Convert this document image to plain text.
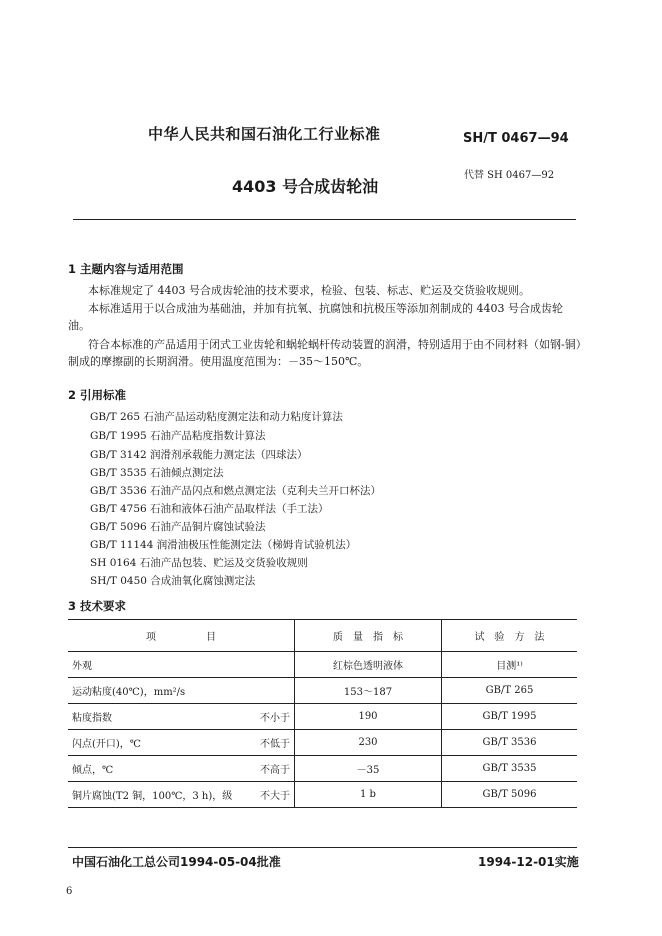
中华人民共和国石油化工行业标准	SH/T 0467—94
4403 号合成齿轮油
代替 SH 0467—92
1 主题内容与适用范围
本标准规定了 4403 号合成齿轮油的技术要求，检验、包装、标志、贮运及交货验收规则。
本标准适用于以合成油为基础油，并加有抗氧、抗腐蚀和抗极压等添加剂制成的 4403 号合成齿轮油。
符合本标准的产品适用于闭式工业齿轮和蜗轮蜗杆传动装置的润滑，特别适用于由不同材料（如钢-铜）制成的摩擦副的长期润滑。使用温度范围为：－35～150℃。
2 引用标准
GB/T 265 石油产品运动粘度测定法和动力粘度计算法
GB/T 1995 石油产品粘度指数计算法
GB/T 3142 润滑剂承载能力测定法（四球法）
GB/T 3535 石油倾点测定法
GB/T 3536 石油产品闪点和燃点测定法（克利夫兰开口杯法）
GB/T 4756 石油和液体石油产品取样法（手工法）
GB/T 5096 石油产品铜片腐蚀试验法
GB/T 11144 润滑油极压性能测定法（梯姆肯试验机法）
SH 0164 石油产品包装、贮运及交货验收规则
SH/T 0450 合成油氧化腐蚀测定法
3 技术要求
项　　　　　目	质　量　指　标	试　验　方　法

外观	红棕色透明液体	目测¹⁾

运动粘度(40℃)，mm²/s	153～187	GB/T 265

粘度指数 不小于	190	GB/T 1995

闪点(开口)，℃ 不低于	230	GB/T 3536

倾点，℃ 不高于	－35	GB/T 3535

铜片腐蚀(T2 铜，100℃，3 h)，级 不大于	1 b	GB/T 5096
中国石油化工总公司1994-05-04批准	1994-12-01实施
6
